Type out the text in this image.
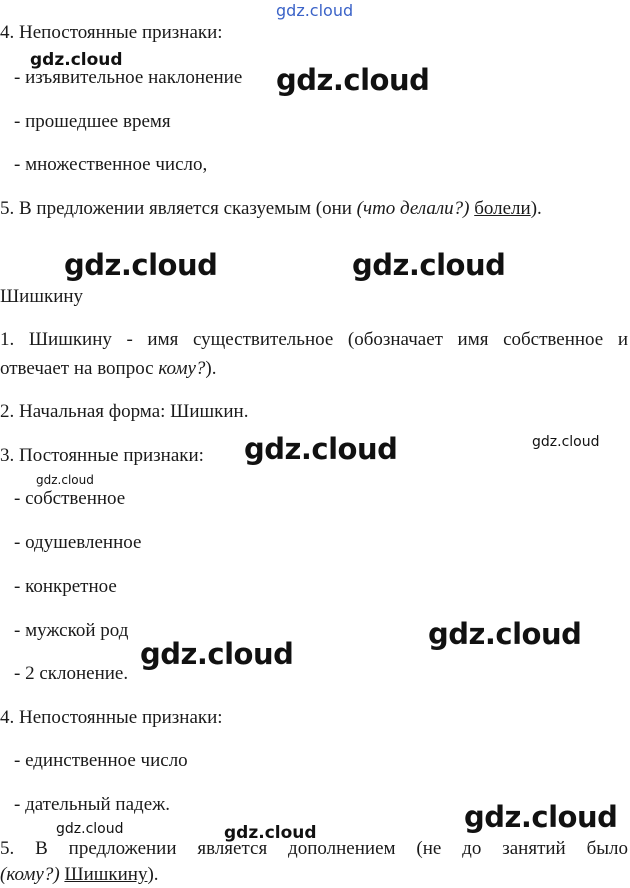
4. Непостоянные признаки:
- изъявительное наклонение
- прошедшее время
- множественное число,
5. В предложении является сказуемым (они (что делали?) болели).
Шишкину
1. Шишкину - имя существительное (обозначает имя собственное и
отвечает на вопрос кому?).
2. Начальная форма: Шишкин.
3. Постоянные признаки:
- собственное
- одушевленное
- конкретное
- мужской род
- 2 склонение.
4. Непостоянные признаки:
- единственное число
- дательный падеж.
5. В предложении является дополнением (не до занятий было
(кому?) Шишкину).
gdz.cloud
gdz.cloud
gdz.cloud
gdz.cloud	gdz.cloud
gdz.cloud	gdz.cloud
gdz.cloud
gdz.cloud
gdz.cloud
gdz.cloud
gdz.cloud	gdz.cloud
